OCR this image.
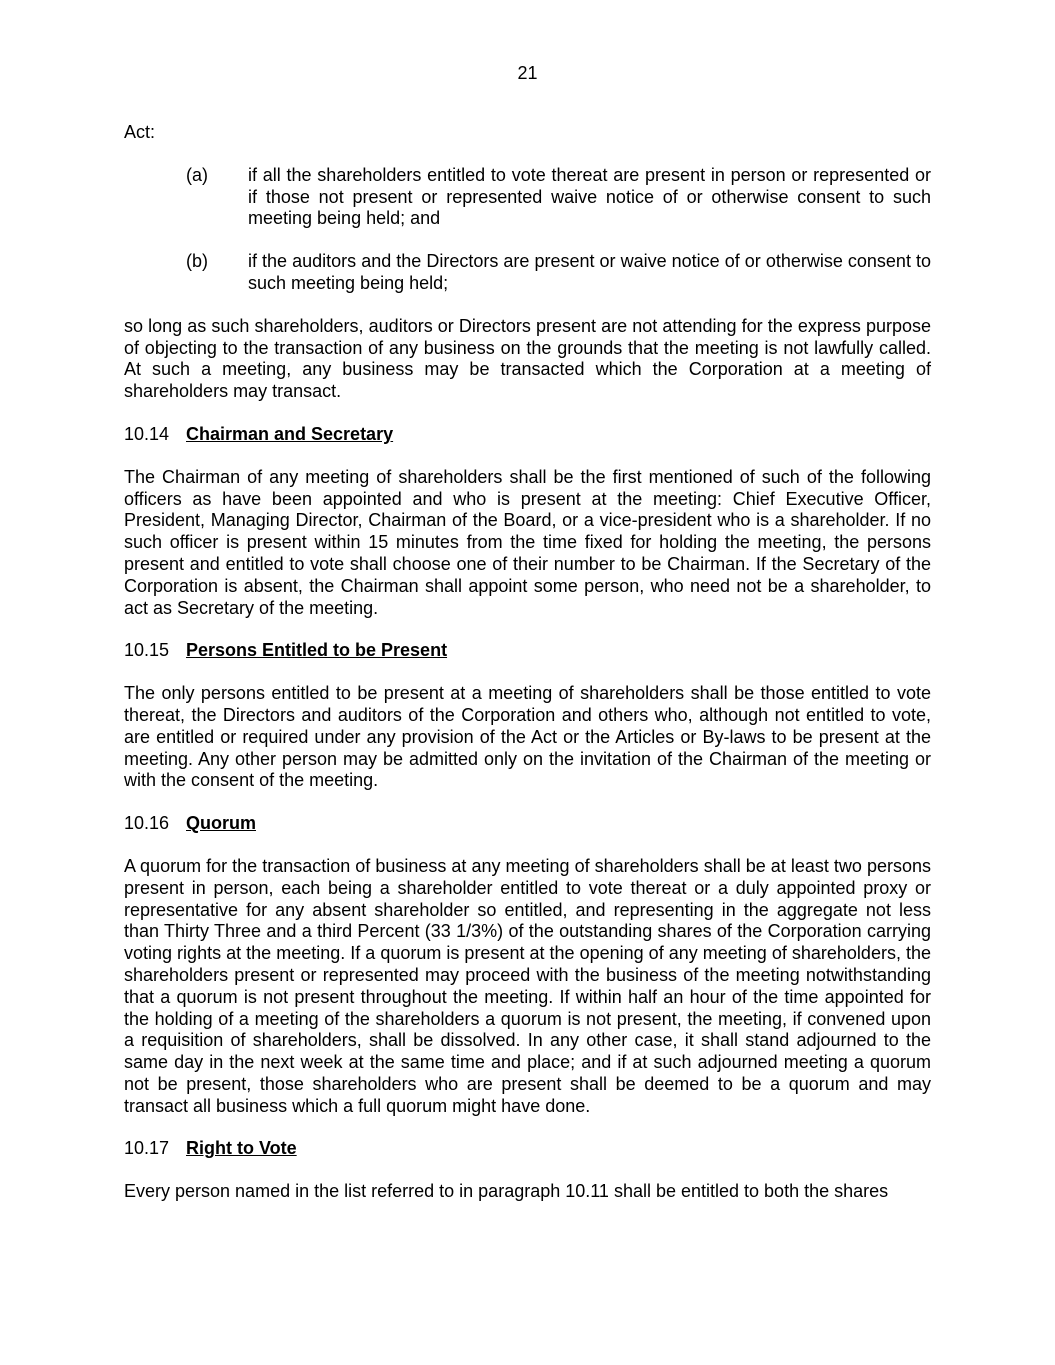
21

Act:

(a) if all the shareholders entitled to vote thereat are present in person or represented or if those not present or represented waive notice of or otherwise consent to such meeting being held; and

(b) if the auditors and the Directors are present or waive notice of or otherwise consent to such meeting being held;

so long as such shareholders, auditors or Directors present are not attending for the express purpose of objecting to the transaction of any business on the grounds that the meeting is not lawfully called. At such a meeting, any business may be transacted which the Corporation at a meeting of shareholders may transact.

10.14 Chairman and Secretary

The Chairman of any meeting of shareholders shall be the first mentioned of such of the following officers as have been appointed and who is present at the meeting: Chief Executive Officer, President, Managing Director, Chairman of the Board, or a vice-president who is a shareholder. If no such officer is present within 15 minutes from the time fixed for holding the meeting, the persons present and entitled to vote shall choose one of their number to be Chairman. If the Secretary of the Corporation is absent, the Chairman shall appoint some person, who need not be a shareholder, to act as Secretary of the meeting.

10.15 Persons Entitled to be Present

The only persons entitled to be present at a meeting of shareholders shall be those entitled to vote thereat, the Directors and auditors of the Corporation and others who, although not entitled to vote, are entitled or required under any provision of the Act or the Articles or By-laws to be present at the meeting. Any other person may be admitted only on the invitation of the Chairman of the meeting or with the consent of the meeting.

10.16 Quorum

A quorum for the transaction of business at any meeting of shareholders shall be at least two persons present in person, each being a shareholder entitled to vote thereat or a duly appointed proxy or representative for any absent shareholder so entitled, and representing in the aggregate not less than Thirty Three and a third Percent (33 1/3%) of the outstanding shares of the Corporation carrying voting rights at the meeting. If a quorum is present at the opening of any meeting of shareholders, the shareholders present or represented may proceed with the business of the meeting notwithstanding that a quorum is not present throughout the meeting. If within half an hour of the time appointed for the holding of a meeting of the shareholders a quorum is not present, the meeting, if convened upon a requisition of shareholders, shall be dissolved. In any other case, it shall stand adjourned to the same day in the next week at the same time and place; and if at such adjourned meeting a quorum not be present, those shareholders who are present shall be deemed to be a quorum and may transact all business which a full quorum might have done.

10.17 Right to Vote

Every person named in the list referred to in paragraph 10.11 shall be entitled to both the shares
